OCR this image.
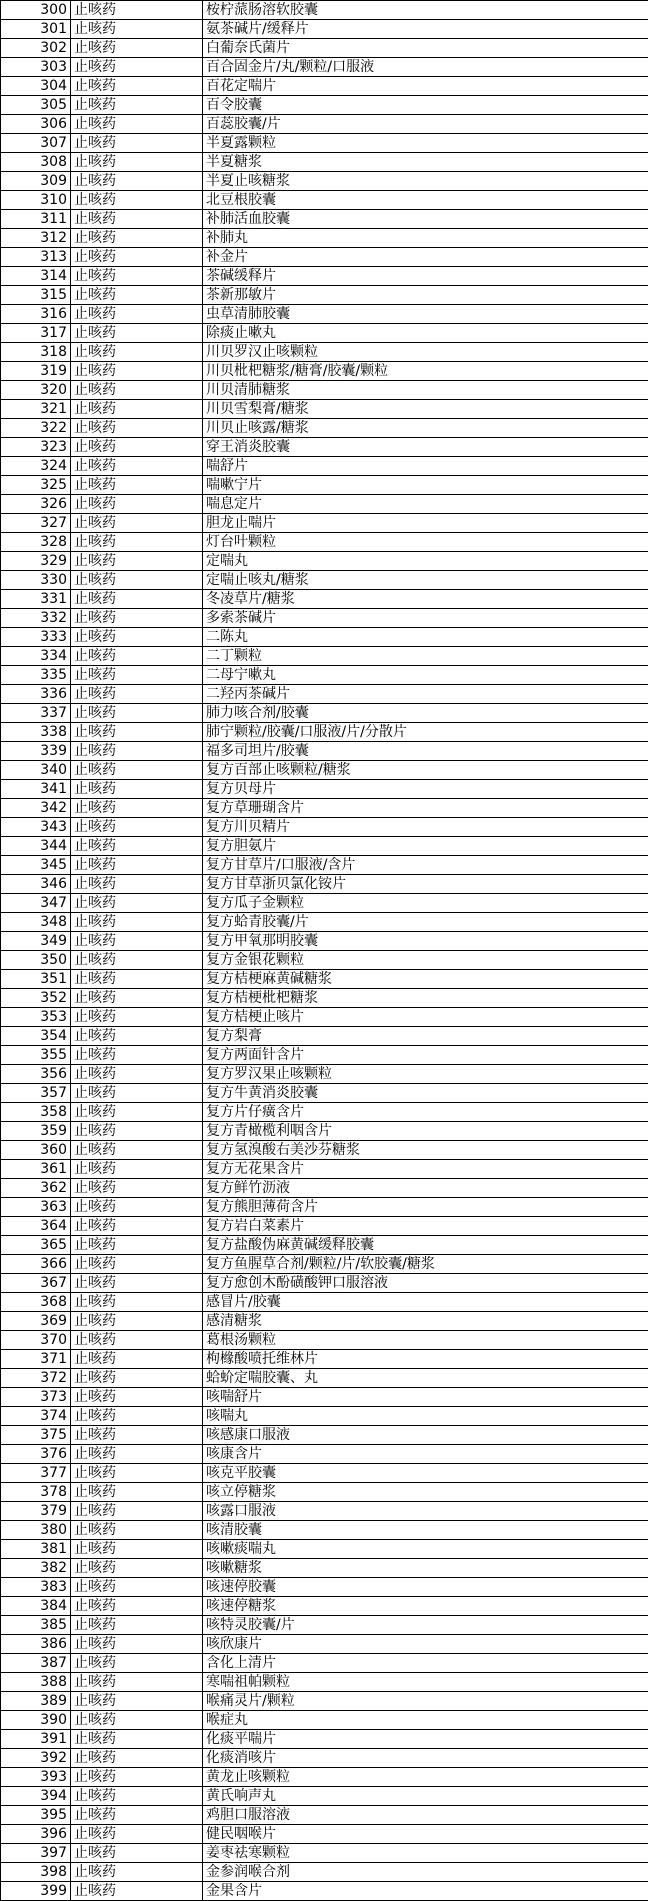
300	止咳药	桉柠蒎肠溶软胶囊
301	止咳药	氨茶碱片/缓释片
302	止咳药	白葡奈氏菌片
303	止咳药	百合固金片/丸/颗粒/口服液
304	止咳药	百花定喘片
305	止咳药	百令胶囊
306	止咳药	百蕊胶囊/片
307	止咳药	半夏露颗粒
308	止咳药	半夏糖浆
309	止咳药	半夏止咳糖浆
310	止咳药	北豆根胶囊
311	止咳药	补肺活血胶囊
312	止咳药	补肺丸
313	止咳药	补金片
314	止咳药	茶碱缓释片
315	止咳药	茶新那敏片
316	止咳药	虫草清肺胶囊
317	止咳药	除痰止嗽丸
318	止咳药	川贝罗汉止咳颗粒
319	止咳药	川贝枇杷糖浆/糖膏/胶囊/颗粒
320	止咳药	川贝清肺糖浆
321	止咳药	川贝雪梨膏/糖浆
322	止咳药	川贝止咳露/糖浆
323	止咳药	穿王消炎胶囊
324	止咳药	喘舒片
325	止咳药	喘嗽宁片
326	止咳药	喘息定片
327	止咳药	胆龙止喘片
328	止咳药	灯台叶颗粒
329	止咳药	定喘丸
330	止咳药	定喘止咳丸/糖浆
331	止咳药	冬凌草片/糖浆
332	止咳药	多索茶碱片
333	止咳药	二陈丸
334	止咳药	二丁颗粒
335	止咳药	二母宁嗽丸
336	止咳药	二羟丙茶碱片
337	止咳药	肺力咳合剂/胶囊
338	止咳药	肺宁颗粒/胶囊/口服液/片/分散片
339	止咳药	福多司坦片/胶囊
340	止咳药	复方百部止咳颗粒/糖浆
341	止咳药	复方贝母片
342	止咳药	复方草珊瑚含片
343	止咳药	复方川贝精片
344	止咳药	复方胆氨片
345	止咳药	复方甘草片/口服液/含片
346	止咳药	复方甘草浙贝氯化铵片
347	止咳药	复方瓜子金颗粒
348	止咳药	复方蛤青胶囊/片
349	止咳药	复方甲氧那明胶囊
350	止咳药	复方金银花颗粒
351	止咳药	复方桔梗麻黄碱糖浆
352	止咳药	复方桔梗枇杷糖浆
353	止咳药	复方桔梗止咳片
354	止咳药	复方梨膏
355	止咳药	复方两面针含片
356	止咳药	复方罗汉果止咳颗粒
357	止咳药	复方牛黄消炎胶囊
358	止咳药	复方片仔癀含片
359	止咳药	复方青橄榄利咽含片
360	止咳药	复方氢溴酸右美沙芬糖浆
361	止咳药	复方无花果含片
362	止咳药	复方鲜竹沥液
363	止咳药	复方熊胆薄荷含片
364	止咳药	复方岩白菜素片
365	止咳药	复方盐酸伪麻黄碱缓释胶囊
366	止咳药	复方鱼腥草合剂/颗粒/片/软胶囊/糖浆
367	止咳药	复方愈创木酚磺酸钾口服溶液
368	止咳药	感冒片/胶囊
369	止咳药	感清糖浆
370	止咳药	葛根汤颗粒
371	止咳药	枸橼酸喷托维林片
372	止咳药	蛤蚧定喘胶囊、丸
373	止咳药	咳喘舒片
374	止咳药	咳喘丸
375	止咳药	咳感康口服液
376	止咳药	咳康含片
377	止咳药	咳克平胶囊
378	止咳药	咳立停糖浆
379	止咳药	咳露口服液
380	止咳药	咳清胶囊
381	止咳药	咳嗽痰喘丸
382	止咳药	咳嗽糖浆
383	止咳药	咳速停胶囊
384	止咳药	咳速停糖浆
385	止咳药	咳特灵胶囊/片
386	止咳药	咳欣康片
387	止咳药	含化上清片
388	止咳药	寒喘祖帕颗粒
389	止咳药	喉痛灵片/颗粒
390	止咳药	喉症丸
391	止咳药	化痰平喘片
392	止咳药	化痰消咳片
393	止咳药	黄龙止咳颗粒
394	止咳药	黄氏响声丸
395	止咳药	鸡胆口服溶液
396	止咳药	健民咽喉片
397	止咳药	姜枣祛寒颗粒
398	止咳药	金参润喉合剂
399	止咳药	金果含片
